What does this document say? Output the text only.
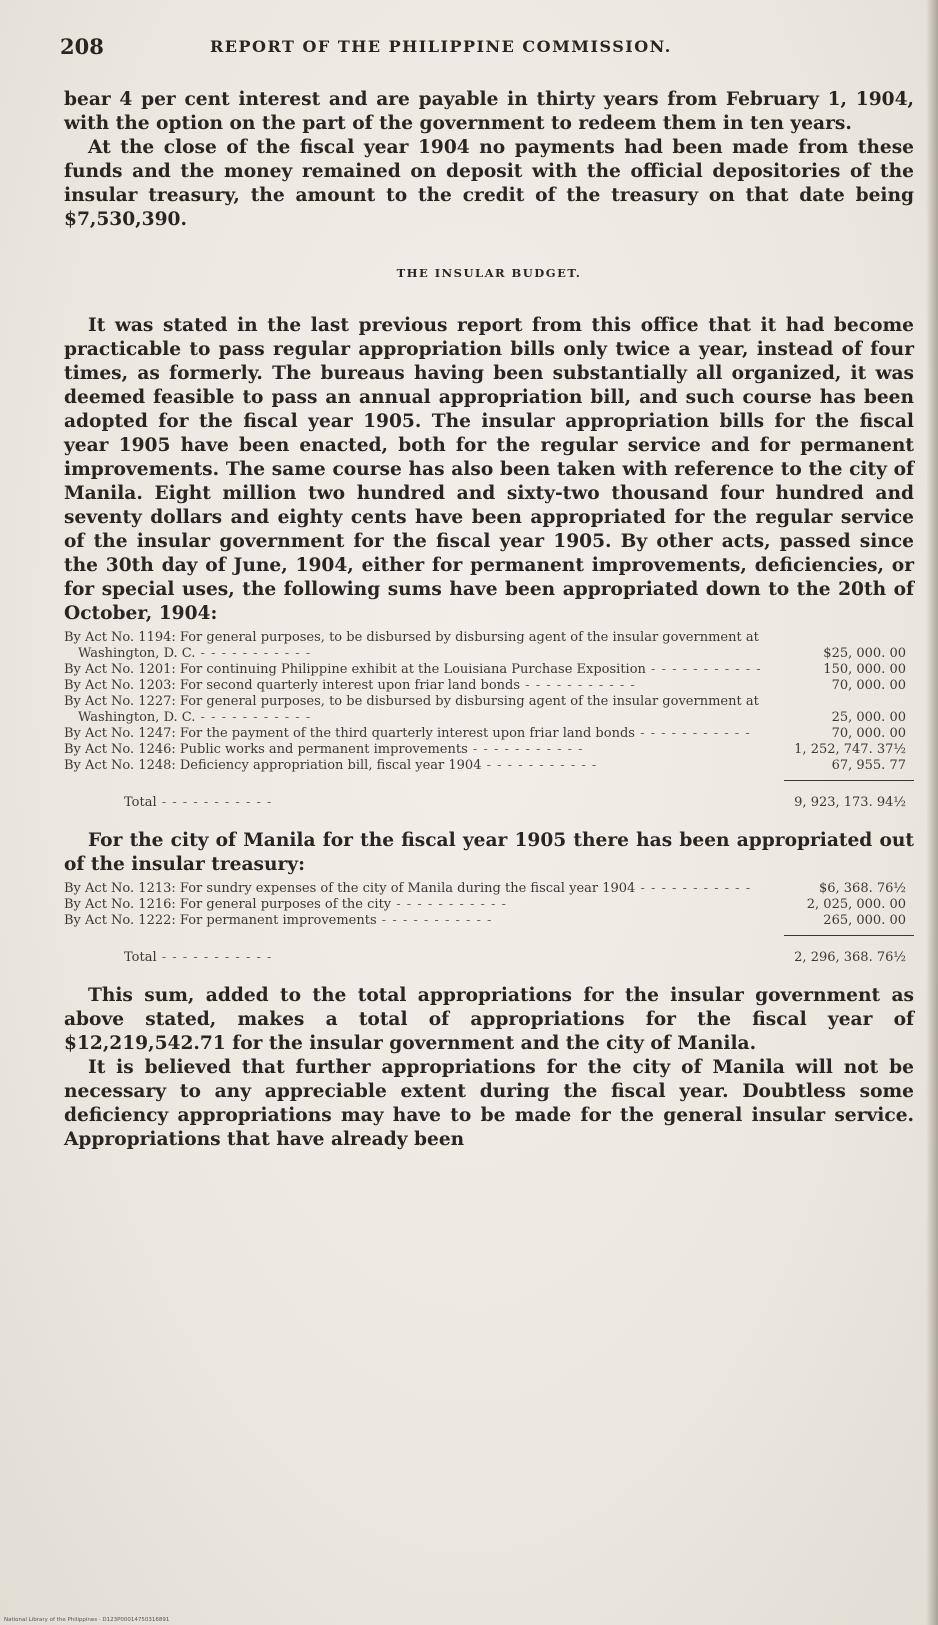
208	REPORT OF THE PHILIPPINE COMMISSION.

bear 4 per cent interest and are payable in thirty years from February 1, 1904, with the option on the part of the government to redeem them in ten years.

At the close of the fiscal year 1904 no payments had been made from these funds and the money remained on deposit with the official depositories of the insular treasury, the amount to the credit of the treasury on that date being $7,530,390.

THE INSULAR BUDGET.

It was stated in the last previous report from this office that it had become practicable to pass regular appropriation bills only twice a year, instead of four times, as formerly. The bureaus having been substantially all organized, it was deemed feasible to pass an annual appropriation bill, and such course has been adopted for the fiscal year 1905. The insular appropriation bills for the fiscal year 1905 have been enacted, both for the regular service and for permanent improvements. The same course has also been taken with reference to the city of Manila. Eight million two hundred and sixty-two thousand four hundred and seventy dollars and eighty cents have been appropriated for the regular service of the insular government for the fiscal year 1905. By other acts, passed since the 30th day of June, 1904, either for permanent improvements, deficiencies, or for special uses, the following sums have been appropriated down to the 20th of October, 1904:

By Act No. 1194: For general purposes, to be disbursed by disbursing agent of the insular government at Washington, D. C. - - - - - - - - - - -	$25, 000. 00
By Act No. 1201: For continuing Philippine exhibit at the Louisiana Purchase Exposition - - - - - - - - - - -	150, 000. 00
By Act No. 1203: For second quarterly interest upon friar land bonds - - - - - - - - - - -	70, 000. 00
By Act No. 1227: For general purposes, to be disbursed by disbursing agent of the insular government at Washington, D. C. - - - - - - - - - - -	25, 000. 00
By Act No. 1247: For the payment of the third quarterly interest upon friar land bonds - - - - - - - - - - -	70, 000. 00
By Act No. 1246: Public works and permanent improvements - - - - - - - - - - -	1, 252, 747. 37½
By Act No. 1248: Deficiency appropriation bill, fiscal year 1904 - - - - - - - - - - -	67, 955. 77

Total - - - - - - - - - - -	9, 923, 173. 94½

For the city of Manila for the fiscal year 1905 there has been appropriated out of the insular treasury:

By Act No. 1213: For sundry expenses of the city of Manila during the fiscal year 1904 - - - - - - - - - - -	$6, 368. 76½
By Act No. 1216: For general purposes of the city - - - - - - - - - - -	2, 025, 000. 00
By Act No. 1222: For permanent improvements - - - - - - - - - - -	265, 000. 00

Total - - - - - - - - - - -	2, 296, 368. 76½

This sum, added to the total appropriations for the insular government as above stated, makes a total of appropriations for the fiscal year of $12,219,542.71 for the insular government and the city of Manila.

It is believed that further appropriations for the city of Manila will not be necessary to any appreciable extent during the fiscal year. Doubtless some deficiency appropriations may have to be made for the general insular service. Appropriations that have already been

National Library of the Philippines · D123P00014750316891
